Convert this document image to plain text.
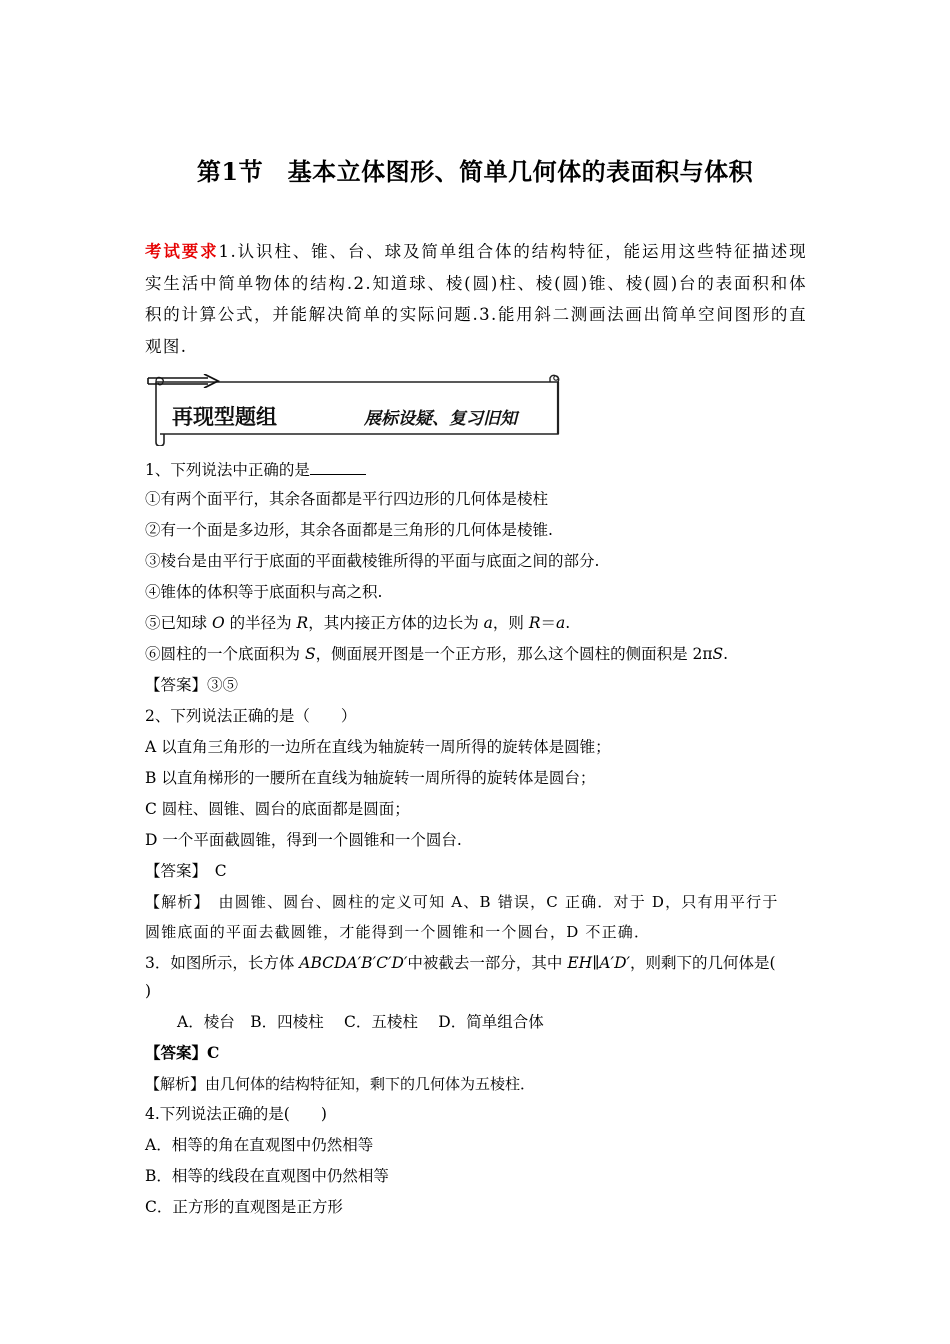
第1节　基本立体图形、简单几何体的表面积与体积
考试要求1.认识柱、锥、台、球及简单组合体的结构特征，能运用这些特征描述现实生活中简单物体的结构.2.知道球、棱(圆)柱、棱(圆)锥、棱(圆)台的表面积和体积的计算公式，并能解决简单的实际问题.3.能用斜二测画法画出简单空间图形的直观图.
再现型题组	展标设疑、复习旧知
1、下列说法中正确的是
①有两个面平行，其余各面都是平行四边形的几何体是棱柱
②有一个面是多边形，其余各面都是三角形的几何体是棱锥.
③棱台是由平行于底面的平面截棱锥所得的平面与底面之间的部分.
④锥体的体积等于底面积与高之积.
⑤已知球 O 的半径为 R，其内接正方体的边长为 a，则 R＝a.
⑥圆柱的一个底面积为 S，侧面展开图是一个正方形，那么这个圆柱的侧面积是 2πS.
【答案】③⑤
2、下列说法正确的是（　　）
A 以直角三角形的一边所在直线为轴旋转一周所得的旋转体是圆锥；
B 以直角梯形的一腰所在直线为轴旋转一周所得的旋转体是圆台；
C 圆柱、圆锥、圆台的底面都是圆面；
D 一个平面截圆锥，得到一个圆锥和一个圆台.
【答案】　C
【解析】　由圆锥、圆台、圆柱的定义可知 A、B 错误，C 正确．对于 D，只有用平行于
圆锥底面的平面去截圆锥，才能得到一个圆锥和一个圆台，D 不正确．
3．如图所示，长方体 ABCDA′B′C′D′中被截去一部分，其中 EH∥A′D′，则剩下的几何体是(
)
A．棱台　B．四棱柱　 C．五棱柱　 D．简单组合体
【答案】C
【解析】由几何体的结构特征知，剩下的几何体为五棱柱．
4.下列说法正确的是(　　)
A．相等的角在直观图中仍然相等
B．相等的线段在直观图中仍然相等
C．正方形的直观图是正方形
